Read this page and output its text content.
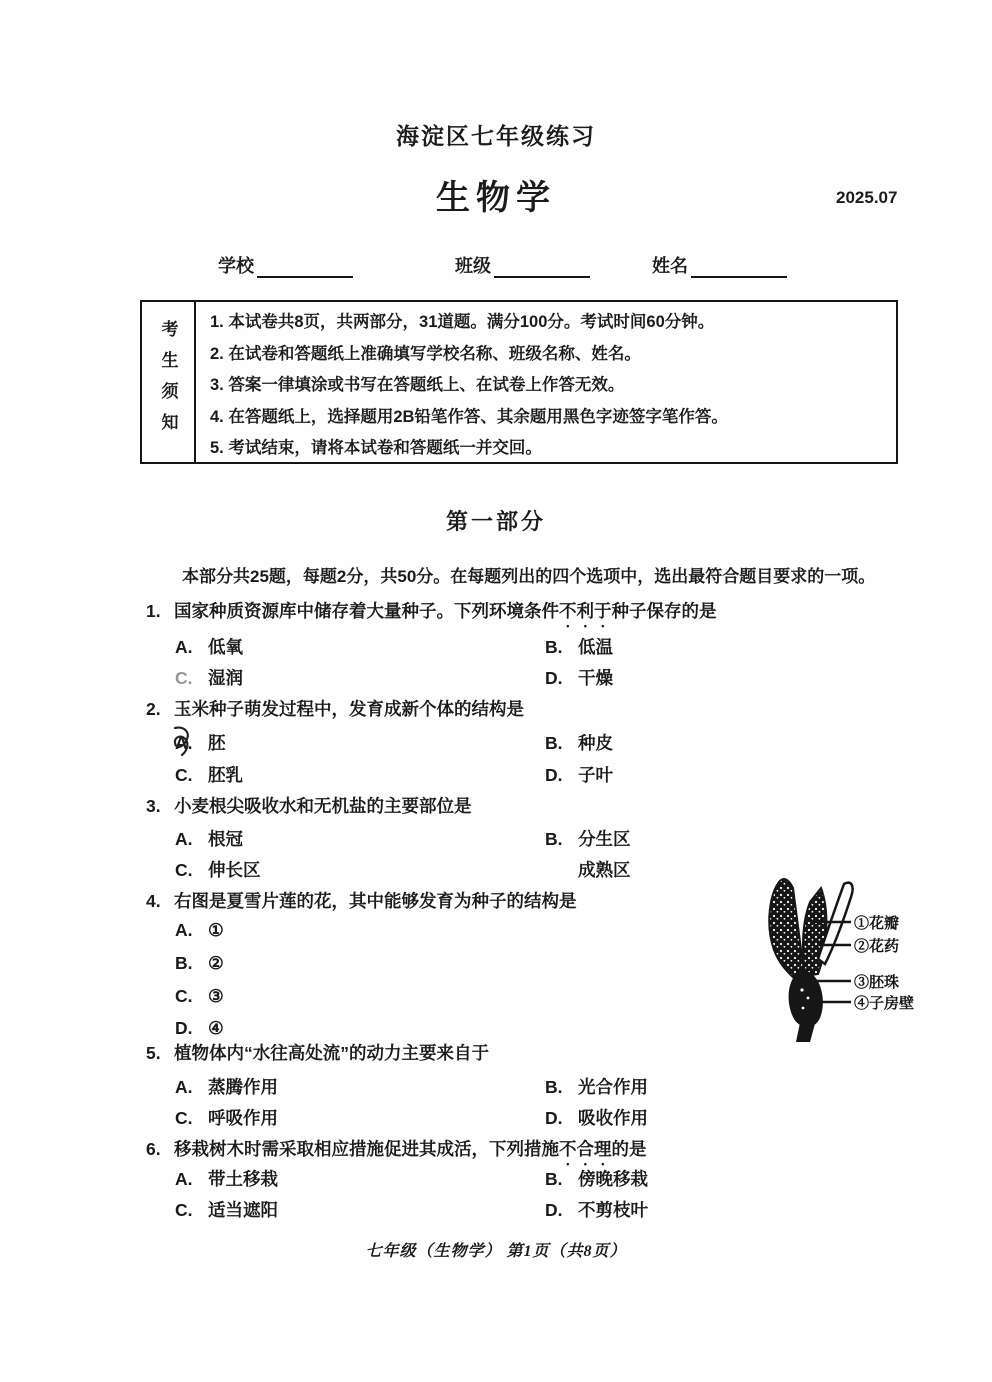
海淀区七年级练习
生物学	2025.07
学校	班级	姓名
考生须知 1. 本试卷共8页，共两部分，31道题。满分100分。考试时间60分钟。
2. 在试卷和答题纸上准确填写学校名称、班级名称、姓名。
3. 答案一律填涂或书写在答题纸上、在试卷上作答无效。
4. 在答题纸上，选择题用2B铅笔作答、其余题用黑色字迹签字笔作答。
5. 考试结束，请将本试卷和答题纸一并交回。
第一部分
本部分共25题，每题2分，共50分。在每题列出的四个选项中，选出最符合题目要求的一项。
1. 国家种质资源库中储存着大量种子。下列环境条件不利于种子保存的是
A. 低氧	B. 低温
C. 湿润	D. 干燥
2. 玉米种子萌发过程中，发育成新个体的结构是
A. 胚	B. 种皮
C. 胚乳	D. 子叶
3. 小麦根尖吸收水和无机盐的主要部位是
A. 根冠	B. 分生区
C. 伸长区	成熟区
4. 右图是夏雪片莲的花，其中能够发育为种子的结构是
A. ①
B. ②
C. ③
D. ④
①花瓣
②花药
③胚珠
④子房壁
5. 植物体内“水往高处流”的动力主要来自于
A. 蒸腾作用	B. 光合作用
C. 呼吸作用	D. 吸收作用
6. 移栽树木时需采取相应措施促进其成活，下列措施不合理的是
A. 带土移栽	B. 傍晚移栽
C. 适当遮阳	D. 不剪枝叶
七年级（生物学） 第1页（共8页）
